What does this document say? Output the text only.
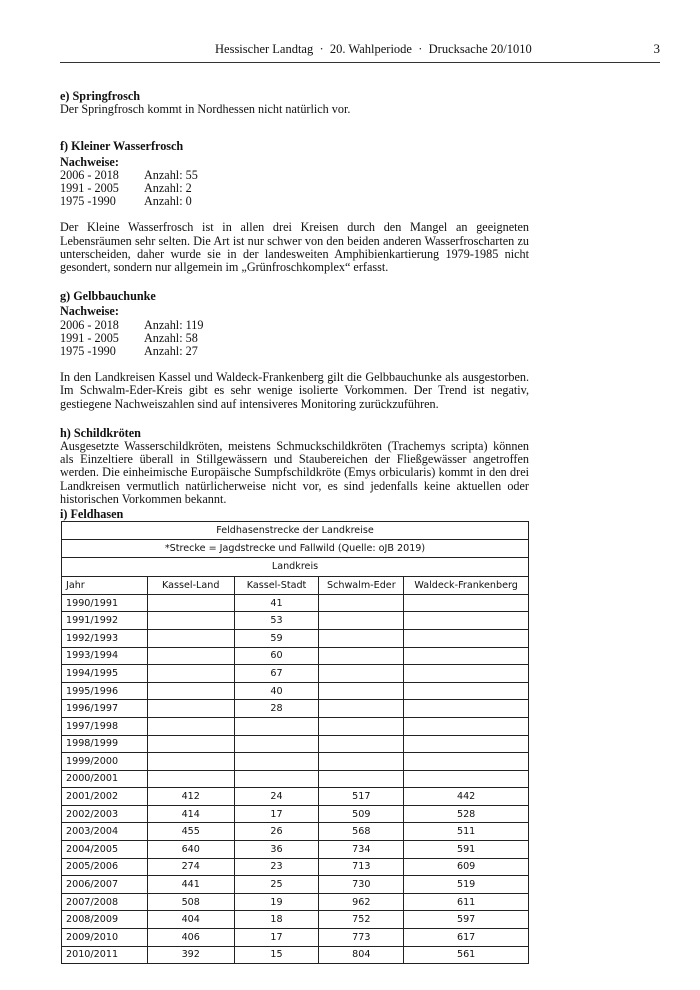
Hessischer Landtag  ·  20. Wahlperiode  ·  Drucksache 20/1010	3
e) Springfrosch

Der Springfrosch kommt in Nordhessen nicht natürlich vor.

f) Kleiner Wasserfrosch
Nachweise:
2006 - 2018	Anzahl: 55
1991 - 2005	Anzahl: 2
1975 -1990	Anzahl: 0

Der Kleine Wasserfrosch ist in allen drei Kreisen durch den Mangel an geeigneten Lebensräumen sehr selten. Die Art ist nur schwer von den beiden anderen Wasserfroscharten zu unterscheiden, daher wurde sie in der landesweiten Amphibienkartierung 1979-1985 nicht gesondert, sondern nur allgemein im „Grünfroschkomplex“ erfasst.

g) Gelbbauchunke
Nachweise:
2006 - 2018	Anzahl: 119
1991 - 2005	Anzahl: 58
1975 -1990	Anzahl: 27

In den Landkreisen Kassel und Waldeck-Frankenberg gilt die Gelbbauchunke als ausgestorben. Im Schwalm-Eder-Kreis gibt es sehr wenige isolierte Vorkommen. Der Trend ist negativ, gestiegene Nachweiszahlen sind auf intensiveres Monitoring zurückzuführen.

h) Schildkröten

Ausgesetzte Wasserschildkröten, meistens Schmuckschildkröten (Trachemys scripta) können als Einzeltiere überall in Stillgewässern und Staubereichen der Fließgewässer angetroffen werden. Die einheimische Europäische Sumpfschildkröte (Emys orbicularis) kommt in den drei Landkreisen vermutlich natürlicherweise nicht vor, es sind jedenfalls keine aktuellen oder historischen Vorkommen bekannt.

i) Feldhasen
Feldhasenstrecke der Landkreise				
*Strecke = Jagdstrecke und Fallwild (Quelle: oJB 2019)				
Landkreis				
Jahr	Kassel-Land	Kassel-Stadt	Schwalm-Eder	Waldeck-Frankenberg
1990/1991		41		
1991/1992		53		
1992/1993		59		
1993/1994		60		
1994/1995		67		
1995/1996		40		
1996/1997		28		
1997/1998				
1998/1999				
1999/2000				
2000/2001				
2001/2002	412	24	517	442
2002/2003	414	17	509	528
2003/2004	455	26	568	511
2004/2005	640	36	734	591
2005/2006	274	23	713	609
2006/2007	441	25	730	519
2007/2008	508	19	962	611
2008/2009	404	18	752	597
2009/2010	406	17	773	617
2010/2011	392	15	804	561
